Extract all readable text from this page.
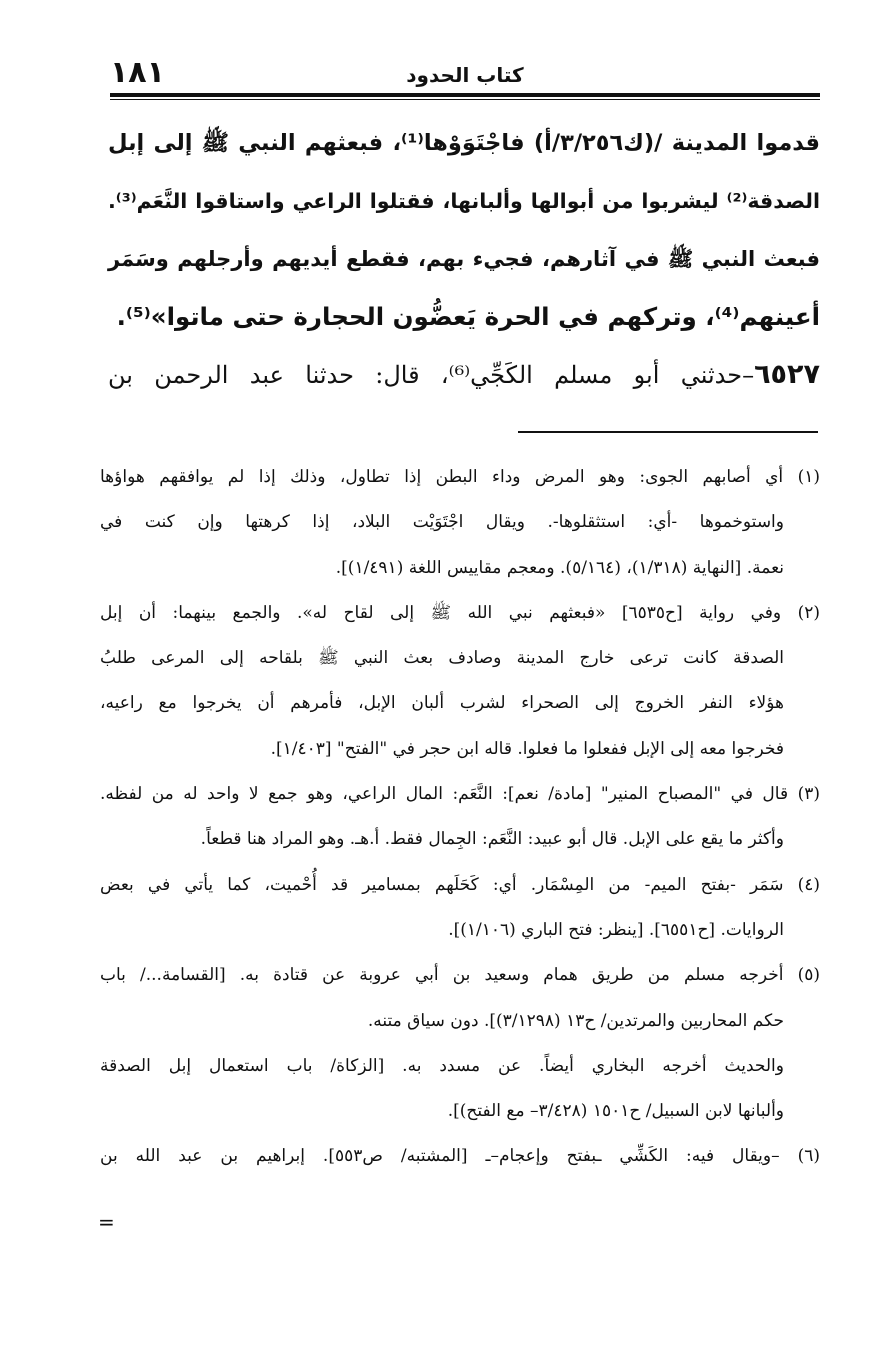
١٨١	كتاب الحدود
قدموا المدينة /(ك٣/٢٥٦/أ) فاجْتَوَوْها⁽¹⁾، فبعثهم النبي ﷺ إلى إبل
الصدقة⁽²⁾ ليشربوا من أبوالها وألبانها، فقتلوا الراعي واستاقوا النَّعَم⁽³⁾.
فبعث النبي ﷺ في آثارهم، فجيء بهم، فقطع أيديهم وأرجلهم وسَمَر
أعينهم⁽⁴⁾، وتركهم في الحرة يَعضُّون الحجارة حتى ماتوا»⁽⁵⁾.
٦٥٢٧–حدثني أبو مسلم الكَجِّي⁽⁶⁾، قال: حدثنا عبد الرحمن بن
(١) أي أصابهم الجوى: وهو المرض وداء البطن إذا تطاول، وذلك إذا لم يوافقهم هواؤها
واستوخموها -أي: استثقلوها-. ويقال اجْتَوَيْت البلاد، إذا كرهتها وإن كنت في
نعمة. [النهاية (١/٣١٨)، (٥/١٦٤). ومعجم مقاييس اللغة (١/٤٩١)].
(٢) وفي رواية [ح٦٥٣٥] «فبعثهم نبي الله ﷺ إلى لقاح له». والجمع بينهما: أن إبل
الصدقة كانت ترعى خارج المدينة وصادف بعث النبي ﷺ بلقاحه إلى المرعى طلبُ
هؤلاء النفر الخروج إلى الصحراء لشرب ألبان الإبل، فأمرهم أن يخرجوا مع راعيه،
فخرجوا معه إلى الإبل ففعلوا ما فعلوا. قاله ابن حجر في "الفتح" [١/٤٠٣].
(٣) قال في "المصباح المنير" [مادة/ نعم]: النَّعَم: المال الراعي، وهو جمع لا واحد له من لفظه.
وأكثر ما يقع على الإبل. قال أبو عبيد: النَّعَم: الجِمال فقط. أ.هـ. وهو المراد هنا قطعاً.
(٤) سَمَر -بفتح الميم- من المِسْمَار. أي: كَحَلَهم بمسامير قد أُحْميت، كما يأتي في بعض
الروايات. [ح٦٥٥١]. [ينظر: فتح الباري (١/١٠٦)].
(٥) أخرجه مسلم من طريق همام وسعيد بن أبي عروبة عن قتادة به. [القسامة.../ باب
حكم المحاربين والمرتدين/ ح١٣ (٣/١٢٩٨)]. دون سياق متنه.
والحديث أخرجه البخاري أيضاً. عن مسدد به. [الزكاة/ باب استعمال إبل الصدقة
وألبانها لابن السبيل/ ح١٥٠١ (٣/٤٢٨– مع الفتح)].
(٦) –ويقال فيه: الكَشِّي ـبفتح وإعجام–ـ [المشتبه/ ص٥٥٣]. إبراهيم بن عبد الله بن
=
